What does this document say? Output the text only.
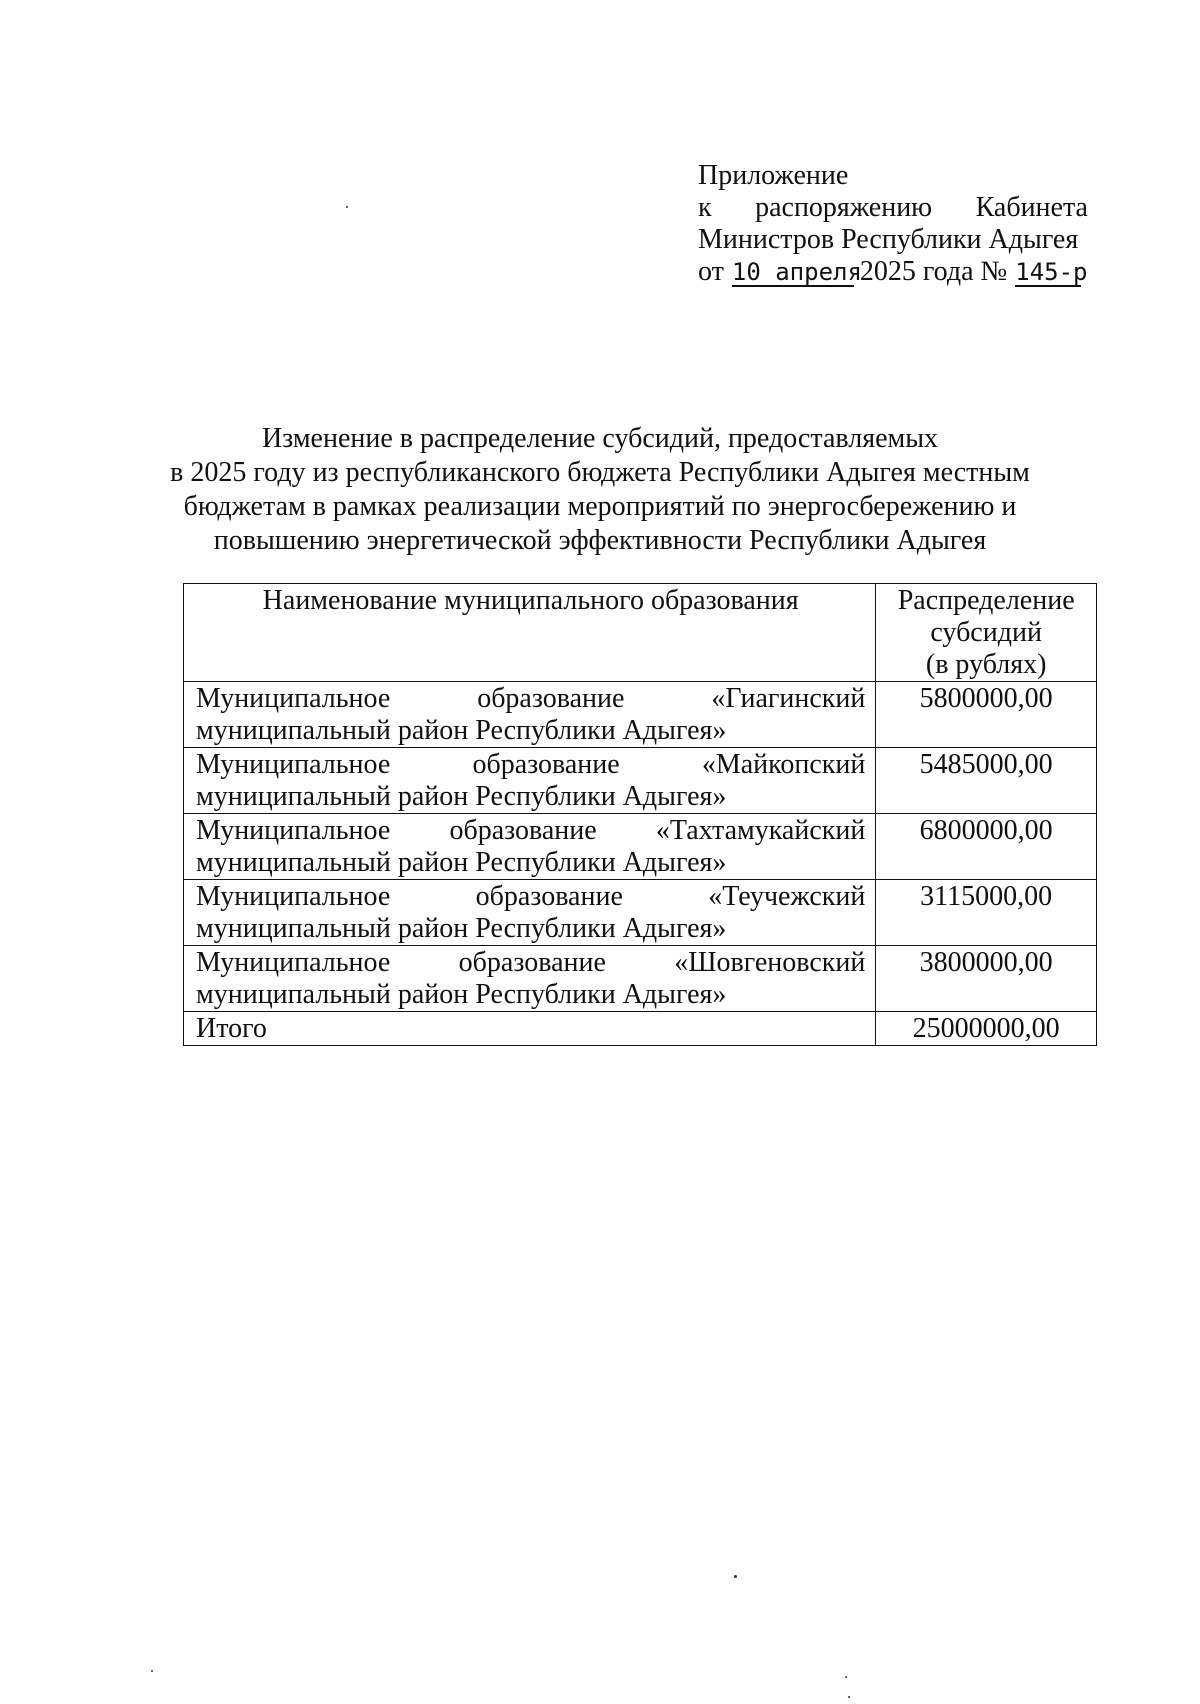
Приложение
к распоряжению Кабинета
Министров Республики Адыгея
от 10 апреля
2025 года № 145-р
Изменение в распределение субсидий, предоставляемых
в 2025 году из республиканского бюджета Республики Адыгея местным
бюджетам в рамках реализации мероприятий по энергосбережению и
повышению энергетической эффективности Республики Адыгея
Наименование муниципального образования	Распределение
субсидий
(в рублях)

Муниципальное образование «Гиагинский
муниципальный район Республики Адыгея»	5800000,00

Муниципальное образование «Майкопский
муниципальный район Республики Адыгея»	5485000,00

Муниципальное образование «Тахтамукайский
муниципальный район Республики Адыгея»	6800000,00

Муниципальное образование «Теучежский
муниципальный район Республики Адыгея»	3115000,00

Муниципальное образование «Шовгеновский
муниципальный район Республики Адыгея»	3800000,00
Итого	25000000,00
